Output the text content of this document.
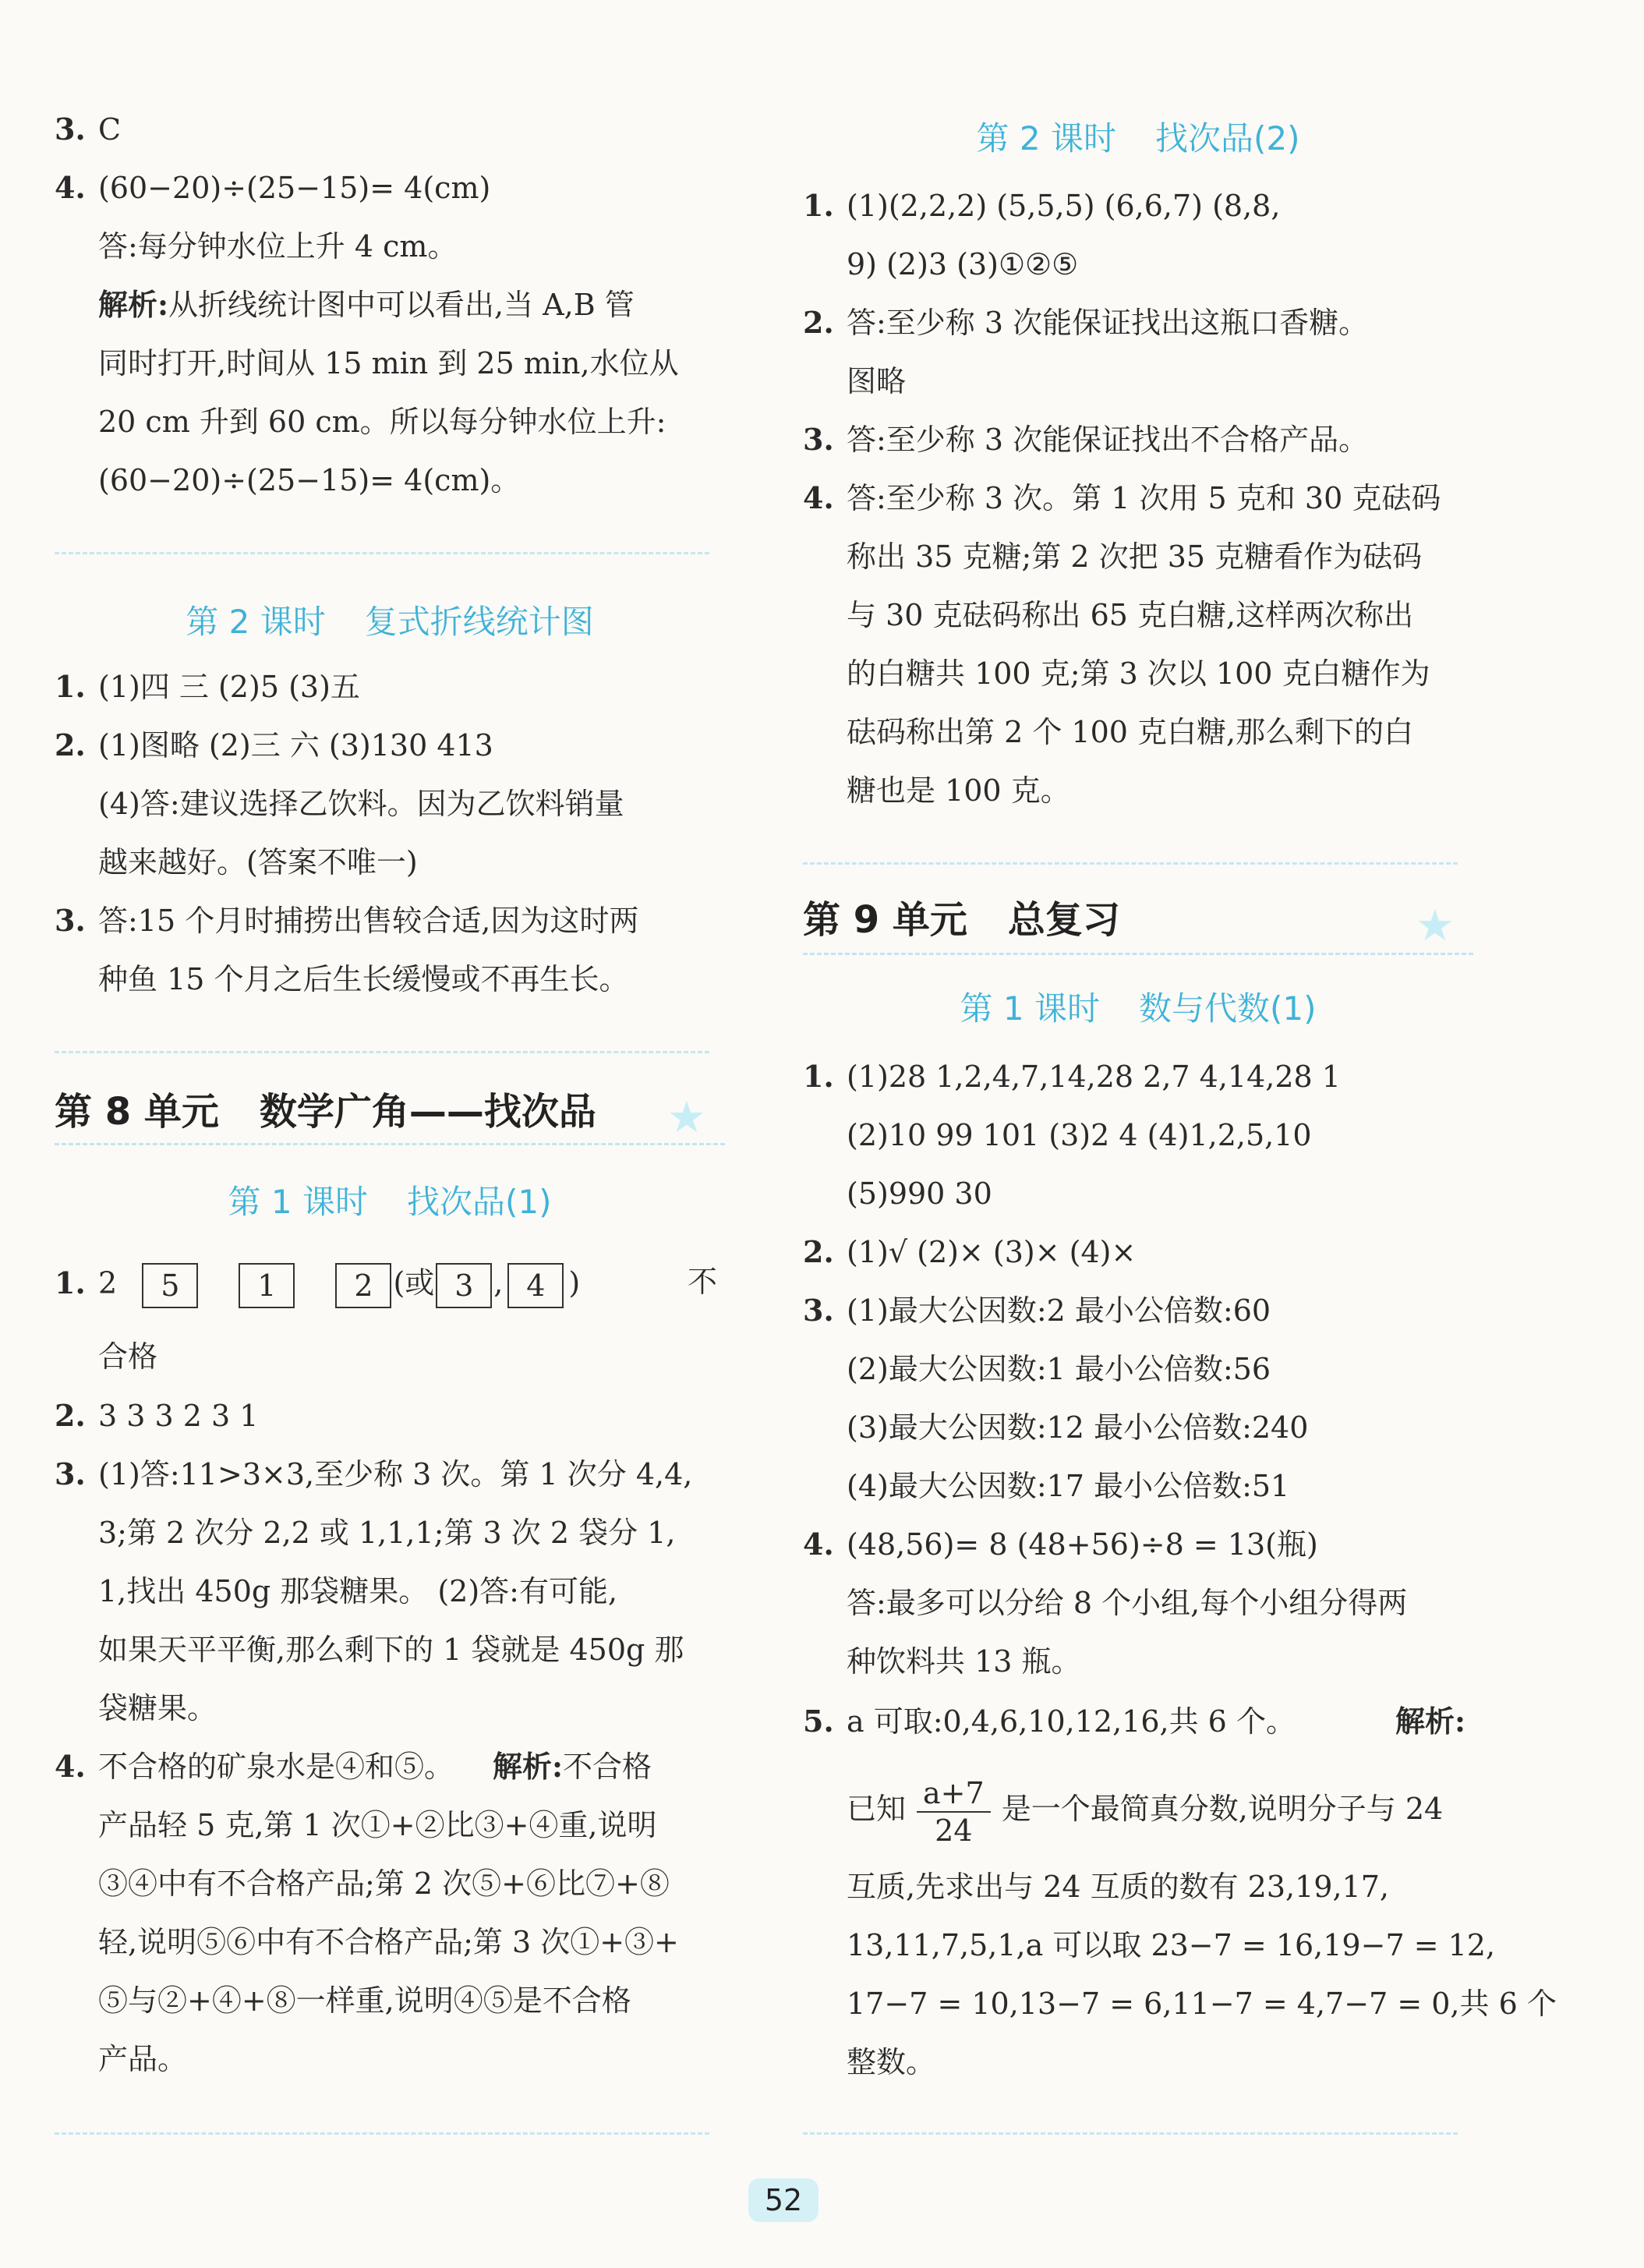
3. C
4. (60−20)÷(25−15)= 4(cm)
答:每分钟水位上升 4 cm。
解析:从折线统计图中可以看出,当 A,B 管
同时打开,时间从 15 min 到 25 min,水位从
20 cm 升到 60 cm。所以每分钟水位上升:
(60−20)÷(25−15)= 4(cm)。
第 2 课时 复式折线统计图
1. (1)四 三 (2)5 (3)五
2. (1)图略 (2)三 六 (3)130 413
(4)答:建议选择乙饮料。因为乙饮料销量
越来越好。(答案不唯一)
3. 答:15 个月时捕捞出售较合适,因为这时两
种鱼 15 个月之后生长缓慢或不再生长。
第 8 单元 数学广角——找次品 ★
第 1 课时 找次品(1)
1. 2 5	1	2 (或 3 , 4 )	不
合格
2. 3 3 3 2 3 1
3. (1)答:11>3×3,至少称 3 次。第 1 次分 4,4,
3;第 2 次分 2,2 或 1,1,1;第 3 次 2 袋分 1,
1,找出 450g 那袋糖果。 (2)答:有可能,
如果天平平衡,那么剩下的 1 袋就是 450g 那
袋糖果。
4. 不合格的矿泉水是④和⑤。 解析:不合格
产品轻 5 克,第 1 次①+②比③+④重,说明
③④中有不合格产品;第 2 次⑤+⑥比⑦+⑧
轻,说明⑤⑥中有不合格产品;第 3 次①+③+
⑤与②+④+⑧一样重,说明④⑤是不合格
产品。
第 2 课时 找次品(2)
1. (1)(2,2,2) (5,5,5) (6,6,7) (8,8,
9) (2)3 (3)①②⑤
2. 答:至少称 3 次能保证找出这瓶口香糖。
图略
3. 答:至少称 3 次能保证找出不合格产品。
4. 答:至少称 3 次。第 1 次用 5 克和 30 克砝码
称出 35 克糖;第 2 次把 35 克糖看作为砝码
与 30 克砝码称出 65 克白糖,这样两次称出
的白糖共 100 克;第 3 次以 100 克白糖作为
砝码称出第 2 个 100 克白糖,那么剩下的白
糖也是 100 克。
第 9 单元 总复习	★
第 1 课时 数与代数(1)
1. (1)28 1,2,4,7,14,28 2,7 4,14,28 1
(2)10 99 101 (3)2 4 (4)1,2,5,10
(5)990 30
2. (1)√ (2)× (3)× (4)×
3. (1)最大公因数:2 最小公倍数:60
(2)最大公因数:1 最小公倍数:56
(3)最大公因数:12 最小公倍数:240
(4)最大公因数:17 最小公倍数:51
4. (48,56)= 8 (48+56)÷8 = 13(瓶)
答:最多可以分给 8 个小组,每个小组分得两
种饮料共 13 瓶。
5. a 可取:0,4,6,10,12,16,共 6 个。	解析:
已知 $\frac{a+7}{24}$ 是一个最简真分数,说明分子与 24
互质,先求出与 24 互质的数有 23,19,17,
13,11,7,5,1,a 可以取 23−7 = 16,19−7 = 12,
17−7 = 10,13−7 = 6,11−7 = 4,7−7 = 0,共 6 个
整数。
52
